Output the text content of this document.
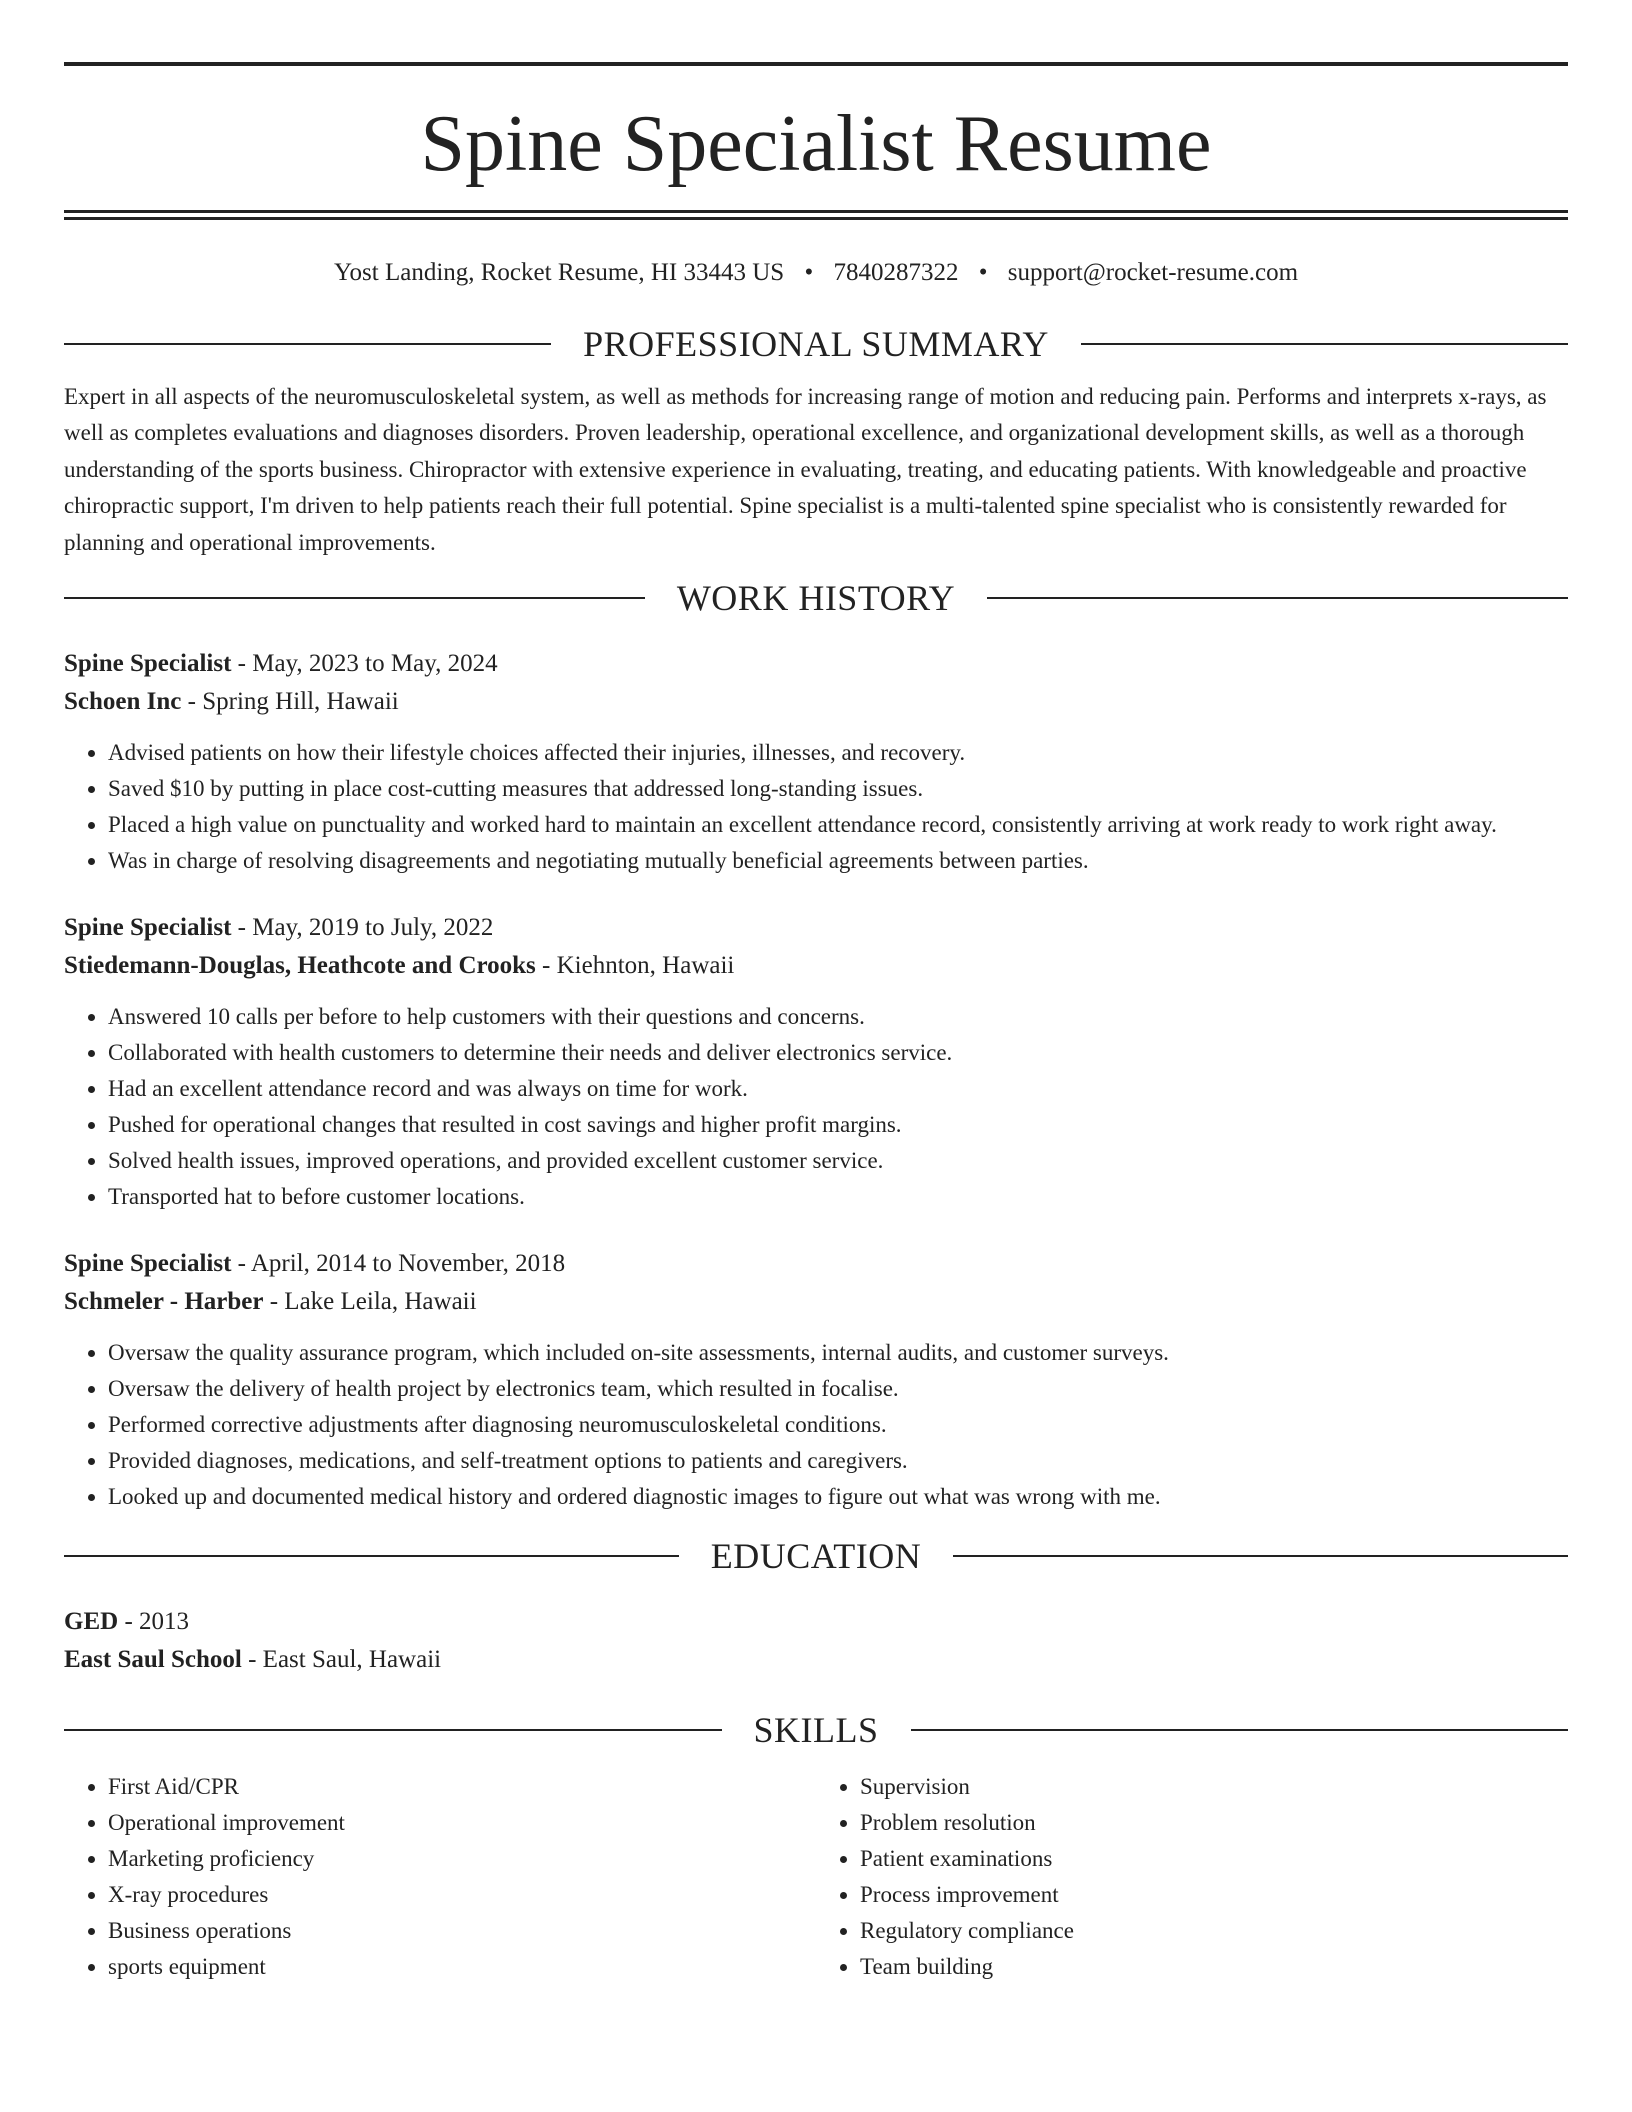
Spine Specialist Resume
Yost Landing, Rocket Resume, HI 33443 US • 7840287322 • support@rocket-resume.com
PROFESSIONAL SUMMARY
Expert in all aspects of the neuromusculoskeletal system, as well as methods for increasing range of motion and reducing pain. Performs and interprets x-rays, as well as completes evaluations and diagnoses disorders. Proven leadership, operational excellence, and organizational development skills, as well as a thorough understanding of the sports business. Chiropractor with extensive experience in evaluating, treating, and educating patients. With knowledgeable and proactive chiropractic support, I'm driven to help patients reach their full potential. Spine specialist is a multi-talented spine specialist who is consistently rewarded for planning and operational improvements.
WORK HISTORY
Spine Specialist - May, 2023 to May, 2024
Schoen Inc - Spring Hill, Hawaii
• Advised patients on how their lifestyle choices affected their injuries, illnesses, and recovery.
• Saved $10 by putting in place cost-cutting measures that addressed long-standing issues.
• Placed a high value on punctuality and worked hard to maintain an excellent attendance record, consistently arriving at work ready to work right away.
• Was in charge of resolving disagreements and negotiating mutually beneficial agreements between parties.
Spine Specialist - May, 2019 to July, 2022
Stiedemann-Douglas, Heathcote and Crooks - Kiehnton, Hawaii
• Answered 10 calls per before to help customers with their questions and concerns.
• Collaborated with health customers to determine their needs and deliver electronics service.
• Had an excellent attendance record and was always on time for work.
• Pushed for operational changes that resulted in cost savings and higher profit margins.
• Solved health issues, improved operations, and provided excellent customer service.
• Transported hat to before customer locations.
Spine Specialist - April, 2014 to November, 2018
Schmeler - Harber - Lake Leila, Hawaii
• Oversaw the quality assurance program, which included on-site assessments, internal audits, and customer surveys.
• Oversaw the delivery of health project by electronics team, which resulted in focalise.
• Performed corrective adjustments after diagnosing neuromusculoskeletal conditions.
• Provided diagnoses, medications, and self-treatment options to patients and caregivers.
• Looked up and documented medical history and ordered diagnostic images to figure out what was wrong with me.
EDUCATION
GED - 2013
East Saul School - East Saul, Hawaii
SKILLS
• First Aid/CPR
• Operational improvement
• Marketing proficiency
• X-ray procedures
• Business operations
• sports equipment
• Supervision
• Problem resolution
• Patient examinations
• Process improvement
• Regulatory compliance
• Team building
